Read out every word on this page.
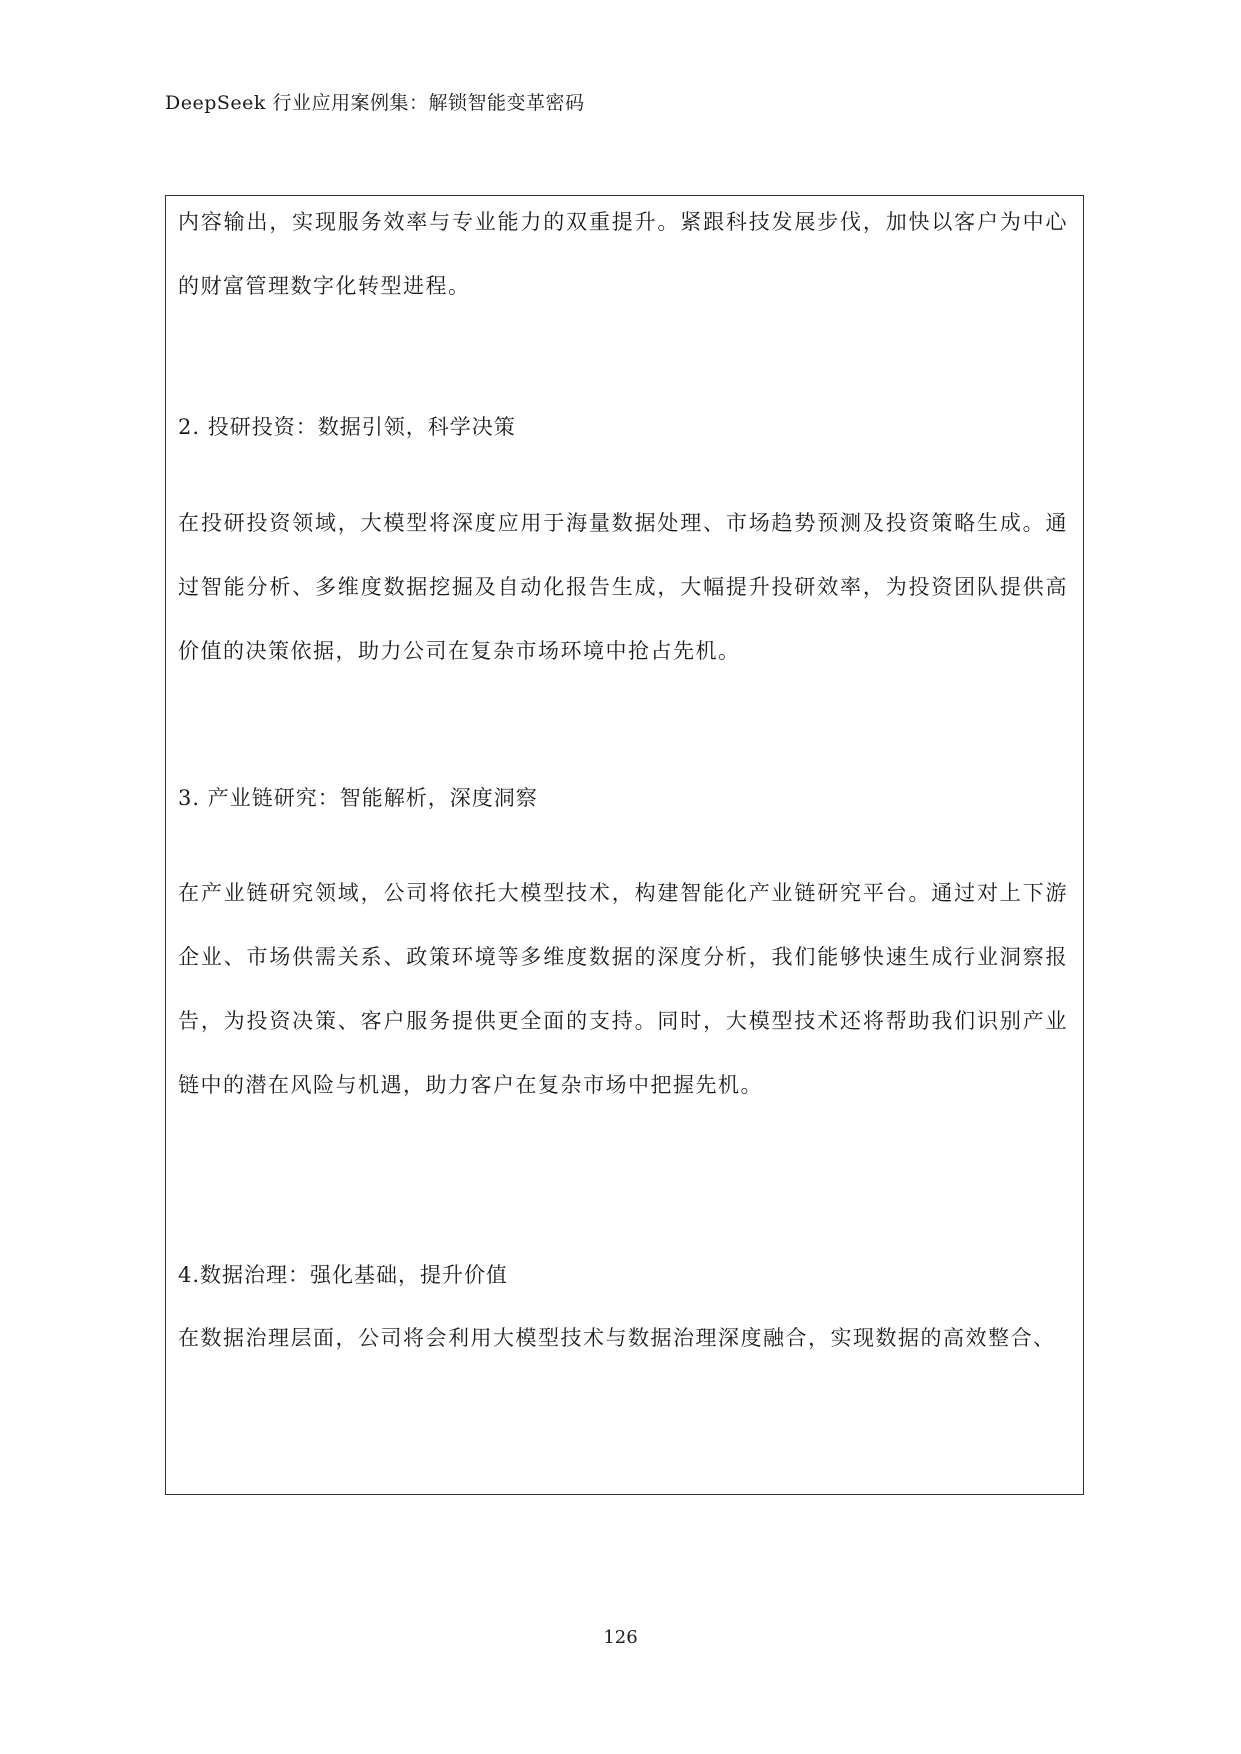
DeepSeek 行业应用案例集：解锁智能变革密码

内容输出，实现服务效率与专业能力的双重提升。紧跟科技发展步伐，加快以客户为中心的财富管理数字化转型进程。

2. 投研投资：数据引领，科学决策

在投研投资领域，大模型将深度应用于海量数据处理、市场趋势预测及投资策略生成。通过智能分析、多维度数据挖掘及自动化报告生成，大幅提升投研效率，为投资团队提供高价值的决策依据，助力公司在复杂市场环境中抢占先机。

3. 产业链研究：智能解析，深度洞察

在产业链研究领域，公司将依托大模型技术，构建智能化产业链研究平台。通过对上下游企业、市场供需关系、政策环境等多维度数据的深度分析，我们能够快速生成行业洞察报告，为投资决策、客户服务提供更全面的支持。同时，大模型技术还将帮助我们识别产业链中的潜在风险与机遇，助力客户在复杂市场中把握先机。

4.数据治理：强化基础，提升价值

在数据治理层面，公司将会利用大模型技术与数据治理深度融合，实现数据的高效整合、

126
